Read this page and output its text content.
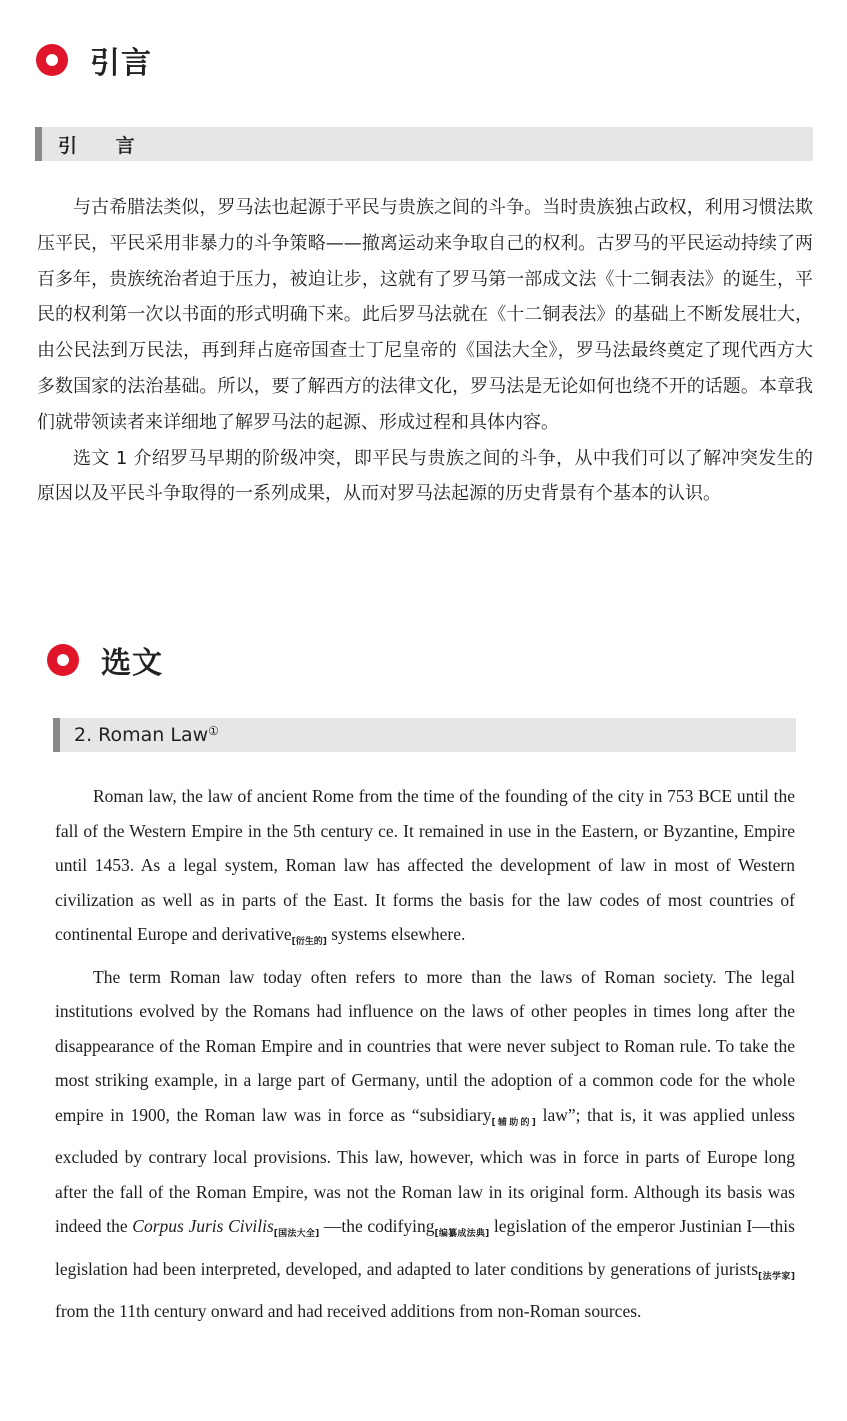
引言
引 言

与古希腊法类似，罗马法也起源于平民与贵族之间的斗争。当时贵族独占政权，利用习惯法欺压平民，平民采用非暴力的斗争策略——撤离运动来争取自己的权利。古罗马的平民运动持续了两百多年，贵族统治者迫于压力，被迫让步，这就有了罗马第一部成文法《十二铜表法》的诞生，平民的权利第一次以书面的形式明确下来。此后罗马法就在《十二铜表法》的基础上不断发展壮大，由公民法到万民法，再到拜占庭帝国查士丁尼皇帝的《国法大全》，罗马法最终奠定了现代西方大多数国家的法治基础。所以，要了解西方的法律文化，罗马法是无论如何也绕不开的话题。本章我们就带领读者来详细地了解罗马法的起源、形成过程和具体内容。

选文 1 介绍罗马早期的阶级冲突，即平民与贵族之间的斗争，从中我们可以了解冲突发生的原因以及平民斗争取得的一系列成果，从而对罗马法起源的历史背景有个基本的认识。

选文
2. Roman Law①

Roman law, the law of ancient Rome from the time of the founding of the city in 753 BCE until the fall of the Western Empire in the 5th century ce. It remained in use in the Eastern, or Byzantine, Empire until 1453. As a legal system, Roman law has affected the development of law in most of Western civilization as well as in parts of the East. It forms the basis for the law codes of most countries of continental Europe and derivative$_{[衍生的]}$ systems elsewhere.

The term Roman law today often refers to more than the laws of Roman society. The legal institutions evolved by the Romans had influence on the laws of other peoples in times long after the disappearance of the Roman Empire and in countries that were never subject to Roman rule. To take the most striking example, in a large part of Germany, until the adoption of a common code for the whole empire in 1900, the Roman law was in force as “subsidiary$_{[辅助的]}$ law”; that is, it was applied unless excluded by contrary local provisions. This law, however, which was in force in parts of Europe long after the fall of the Roman Empire, was not the Roman law in its original form. Although its basis was indeed the Corpus Juris Civilis$_{[国法大全]}$ —the codifying$_{[编纂成法典]}$ legislation of the emperor Justinian I—this legislation had been interpreted, developed, and adapted to later conditions by generations of jurists$_{[法学家]}$ from the 11th century onward and had received additions from non-Roman sources.
